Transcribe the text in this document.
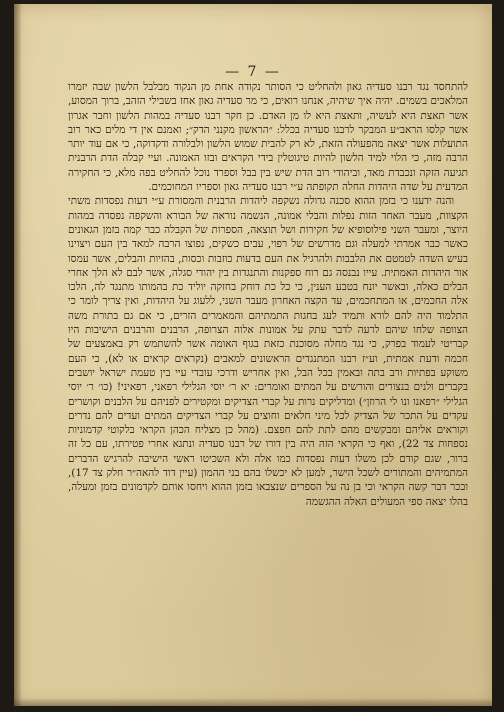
— 7 —

להתחסד נגד רבנו סעדיה גאון ולהחליט כי הסותר נקודה אחת מן הנקוד מבלבל הלשון שבה יזמרו המלאכים בשמים. יהיה איך שיהיה, אנחנו רואים, כי מר סעדיה גאון אחז בשבילי הזהב, ברוך המסוע, אשר תאצת היא לעשיה, ותאצת היא לו מן האדם. כן חקר רבנו סעדיה במהות הלשון וחבר אגרון אשר קלסו הראב״ע המבקר לרבנו סעדיה בכלל: ״הראשון מקנני הדק״; ואמנם אין די מלים כאר רוב התועלות אשר יצאה מהפעולה הזאת, לא רק להבית שמוש הלשון ולבלורה ודקדוקה, כי אם עוד יותר הרבה מזה, כי הלוי למיד הלשון להיות טיגוטלין בידי הקראים ובזו האמונה. ועיי קבלה הדת הרבנית תגיעה הזקה ונכבדת מאד, וביהודי רוב הדת שיש בין בבל וספרד נוכל להחליט בפה מלא, כי החקירה המדעית על שדה היהדות החלה תקופתה ע״י רבנו סעדיה גאון וספריו המחוכמים.

והנה ידענו כי בזמן ההוא סכנה גדולה נשקפה ליהדות הרבנית והמסורת ע״י דעות נפסדות משתי הקצוות, מעבר האחד הזות נפלות והבלי אמונה, הנשמה נוראה של הבורא והשקפה נפסדה במהות היוצר, ומעבר השני פילוסופיא של חקירות ושל תוצאה, הספרות של הקבלה כבר קמה בזמן הגאונים כאשר כבר אמרתי למעלה וגם מדרשים של רפוי, עבים כשקים, נפוצו הרבה למאד בין העם ויצוינו בעיש השדה לטמטם את הלבבות ולהרגיל את העם בדעות כוזבות וכסות, בהזיות והבלים, אשר עמסו אור היהדות האמתית. עייו נבנסה גם רוח ספקנות והתנגדות בין יהודי סגלה, אשר לבם לא הלך אחרי הבלים כאלה, ובאשר יונח בטבע הענין, כי כל כת דוחק בחזקה יוליד כת בהמותו מתנגד לה, הלכו אלה החכמים, או המתחכמים, עד הקצה האחרון מעבר השני, ללעוג על היהדות, ואין צריך לומר כי התלמוד היה להם לורא ותמיד לעג בחגות התמתיהם והמאמרים הזרים, כי אם גם בתורת משה הצוופה שלחו שיהם לרעה לדבר עתק על אמונות אלוה הצרופה, הרבנים והרבנים הישיבות היו קבריטי לעמוד בפרק, כי נגד מחלה מסוכנת כזאת בגוף האומה אשר להשתמש רק באמצעים של חכמה ודעת אמתית, וע״ז רבנו המתנגדים הראשונים למאבים (נקראים קראים או לא), כי העם משוקע בפתיות ורב בתה ובאמין בכל הבל, ואין אחריש ודרכי עובדי עיי בין טעמת ישראל יושבים בקברים ולנים בנצורים והורשים על המתים ואומרים: יא ר׳ יוסי הגלילי רפאני, רפאיני! (כו׳ ר׳ יוסי הגלילי ״רפאנו ונו לי הרוזן״) ומדליקים נרות על קברי הצדיקים ומקטירים לפניהם על הלבנים וקושרים עקדים על התכר של הצדיק לכל מיני חלאים וחוצים על קברי הצדיקים המתים ועדים להם נדרים וקוראים אליהם ומבקשים מהם לתת להם חפצם. (מהל כן מצליח הכהן הקראי בלקוטי קדמוניות נספחות צד 22), ואף כי הקראי הזה היה בין דורו של רבנו סעדיה ונתגא אחרי פטירתו, עם כל זה ברור, שגם קודם לכן משלו דעות נפסדות כמו אלה ולא השכיטו ראשי הישיבה להרגיש הדברים המתמיהים והמתורים לשכל הישר, למען לא יכשלו בהם בני ההמון (עיין דוד להאה״ר חלק צד 17), ובכר דבר קשה הקראי וכי בן נה על הספרים שנצבאו בזמן ההוא ויחסו אותם לקדמונים בזמן ומעלה, בהלו יצאה ספי המעולים האלה ההגשמה
